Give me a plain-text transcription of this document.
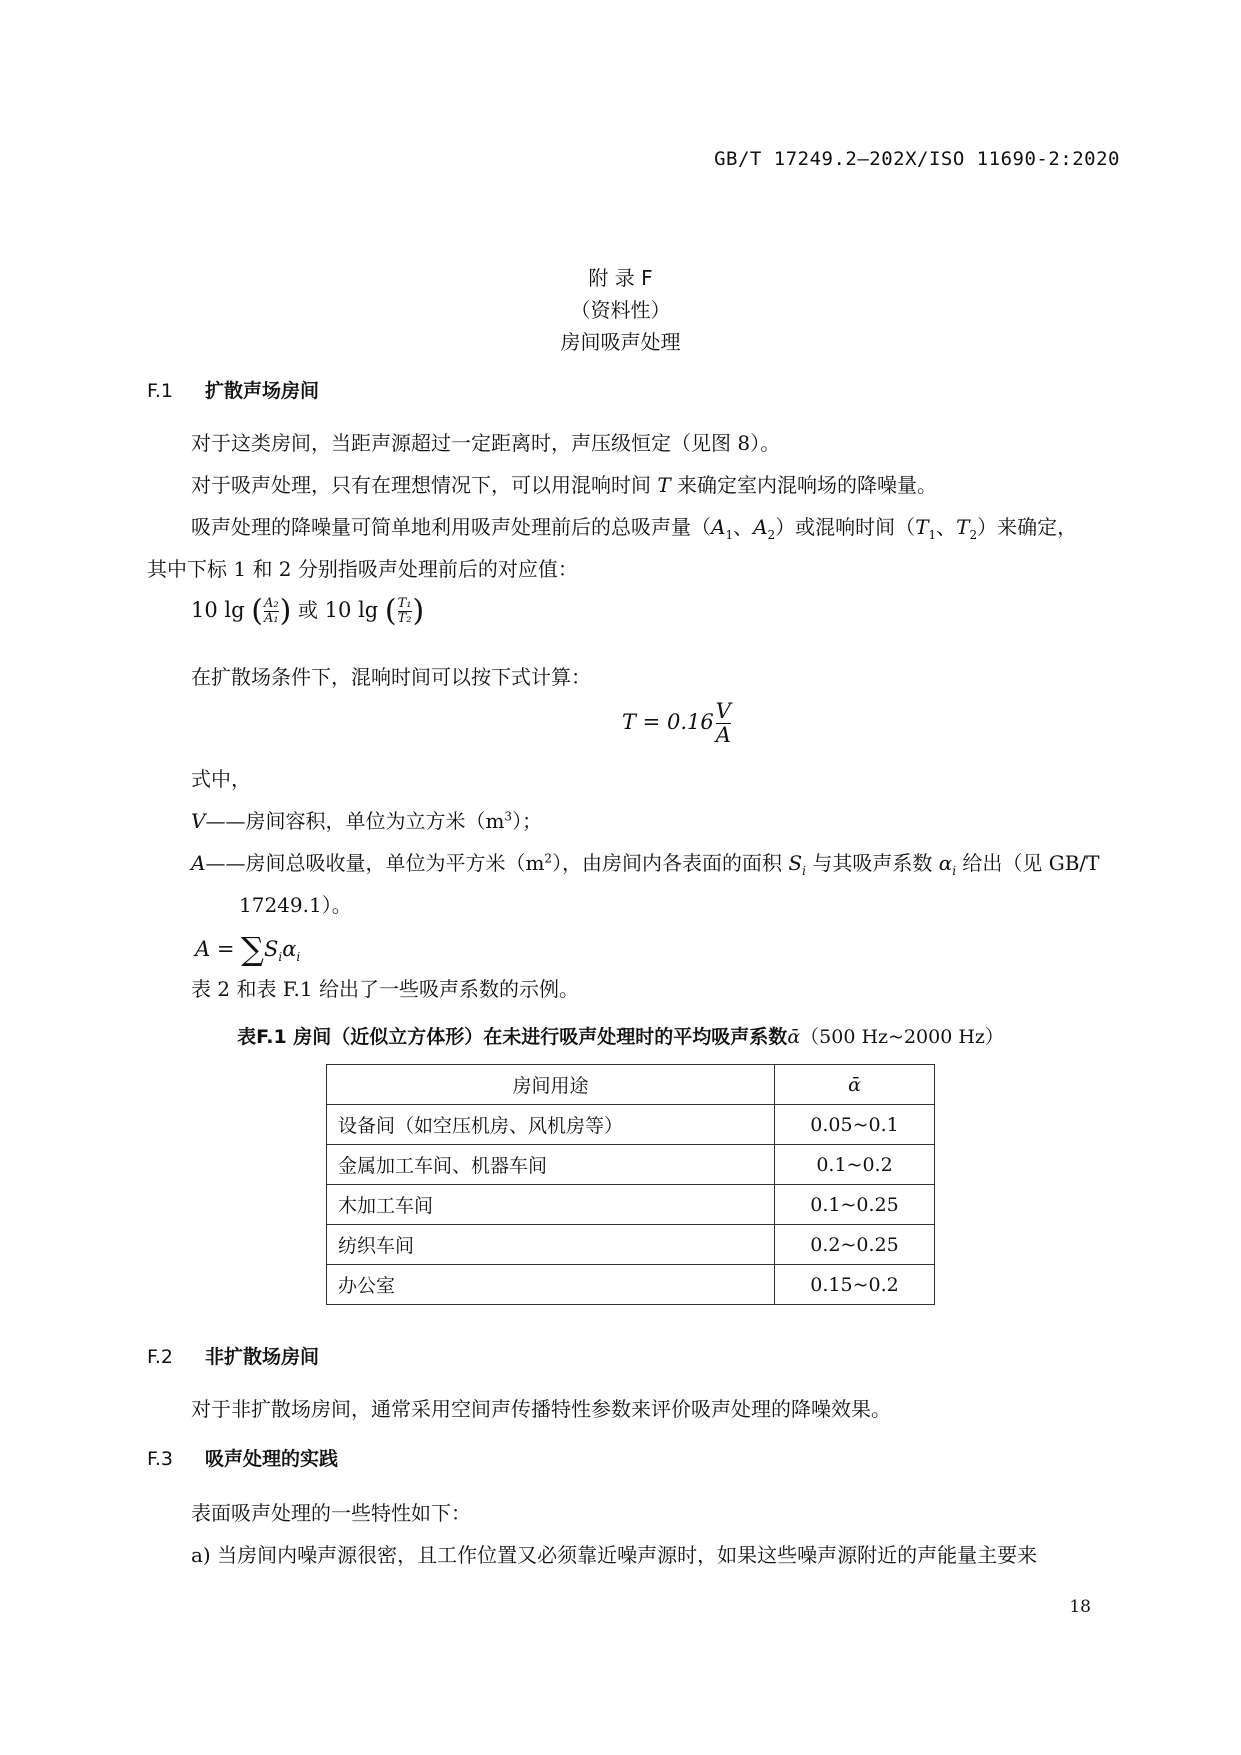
GB/T 17249.2—202X/ISO 11690-2:2020
附 录 F
（资料性）
房间吸声处理
F.1 扩散声场房间
对于这类房间，当距声源超过一定距离时，声压级恒定（见图 8）。
对于吸声处理，只有在理想情况下，可以用混响时间 T 来确定室内混响场的降噪量。
吸声处理的降噪量可简单地利用吸声处理前后的总吸声量（$A_1$、$A_2$）或混响时间（$T_1$、$T_2$）来确定，
其中下标 1 和 2 分别指吸声处理前后的对应值：
10 lg ( $\frac{\text{A₂}}{\text{A₁}}$ ) 或 10 lg ( $\frac{\text{T₁}}{\text{T₂}}$ )
在扩散场条件下，混响时间可以按下式计算：
$T = 0.16 \frac{V}{A}$
式中，
V——房间容积，单位为立方米$(m^3)$；
A——房间总吸收量，单位为平方米$(m^2)$，由房间内各表面的面积 $S_i$ 与其吸声系数 $\alpha_i$ 给出（见 GB/T
17249.1）。
$A = \sum S_i\alpha_i$
表 2 和表 F.1 给出了一些吸声系数的示例。
表F.1 房间（近似立方体形）在未进行吸声处理时的平均吸声系数ᾱ（500 Hz~2000 Hz）
房间用途	ᾱ
设备间（如空压机房、风机房等）	0.05~0.1
金属加工车间、机器车间	0.1~0.2
木加工车间	0.1~0.25
纺织车间	0.2~0.25
办公室	0.15~0.2
F.2 非扩散场房间
对于非扩散场房间，通常采用空间声传播特性参数来评价吸声处理的降噪效果。
F.3 吸声处理的实践
表面吸声处理的一些特性如下：
a) 当房间内噪声源很密，且工作位置又必须靠近噪声源时，如果这些噪声源附近的声能量主要来
18
